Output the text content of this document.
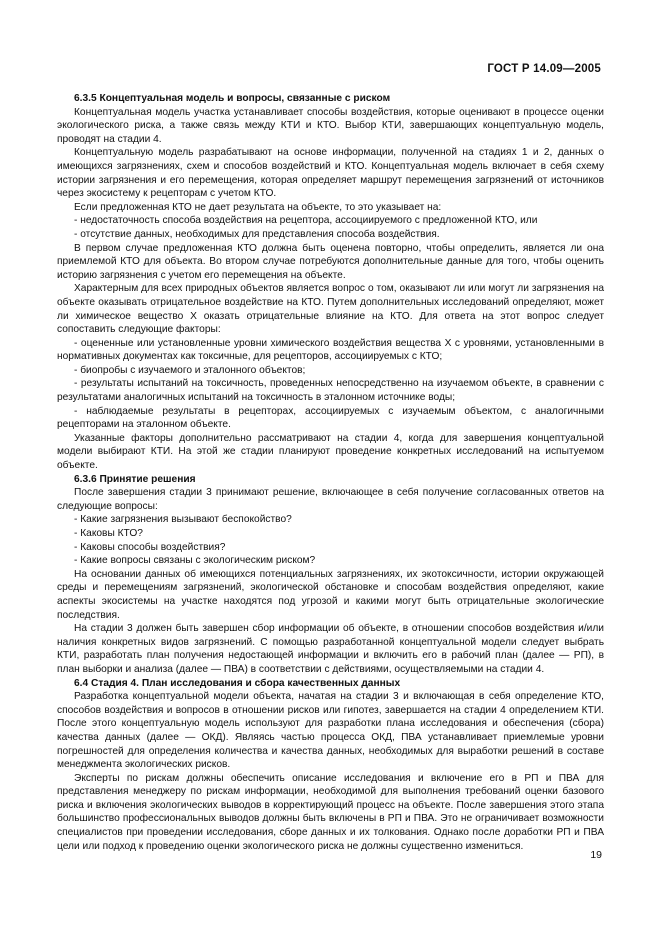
ГОСТ Р 14.09—2005

6.3.5 Концептуальная модель и вопросы, связанные с риском

Концептуальная модель участка устанавливает способы воздействия, которые оценивают в процессе оценки экологического риска, а также связь между КТИ и КТО. Выбор КТИ, завершающих концептуальную модель, проводят на стадии 4.

Концептуальную модель разрабатывают на основе информации, полученной на стадиях 1 и 2, данных о имеющихся загрязнениях, схем и способов воздействий и КТО. Концептуальная модель включает в себя схему истории загрязнения и его перемещения, которая определяет маршрут перемещения загрязнений от источников через экосистему к рецепторам с учетом КТО.

Если предложенная КТО не дает результата на объекте, то это указывает на:

- недостаточность способа воздействия на рецептора, ассоциируемого с предложенной КТО, или

- отсутствие данных, необходимых для представления способа воздействия.

В первом случае предложенная КТО должна быть оценена повторно, чтобы определить, является ли она приемлемой КТО для объекта. Во втором случае потребуются дополнительные данные для того, чтобы оценить историю загрязнения с учетом его перемещения на объекте.

Характерным для всех природных объектов является вопрос о том, оказывают ли или могут ли загрязнения на объекте оказывать отрицательное воздействие на КТО. Путем дополнительных исследований определяют, может ли химическое вещество Х оказать отрицательные влияние на КТО. Для ответа на этот вопрос следует сопоставить следующие факторы:

- оцененные или установленные уровни химического воздействия вещества Х с уровнями, установленными в нормативных документах как токсичные, для рецепторов, ассоциируемых с КТО;

- биопробы с изучаемого и эталонного объектов;

- результаты испытаний на токсичность, проведенных непосредственно на изучаемом объекте, в сравнении с результатами аналогичных испытаний на токсичность в эталонном источнике воды;

- наблюдаемые результаты в рецепторах, ассоциируемых с изучаемым объектом, с аналогичными рецепторами на эталонном объекте.

Указанные факторы дополнительно рассматривают на стадии 4, когда для завершения концептуальной модели выбирают КТИ. На этой же стадии планируют проведение конкретных исследований на испытуемом объекте.

6.3.6 Принятие решения

После завершения стадии 3 принимают решение, включающее в себя получение согласованных ответов на следующие вопросы:

- Какие загрязнения вызывают беспокойство?

- Каковы КТО?

- Каковы способы воздействия?

- Какие вопросы связаны с экологическим риском?

На основании данных об имеющихся потенциальных загрязнениях, их экотоксичности, истории окружающей среды и перемещениям загрязнений, экологической обстановке и способам воздействия определяют, какие аспекты экосистемы на участке находятся под угрозой и какими могут быть отрицательные экологические последствия.

На стадии 3 должен быть завершен сбор информации об объекте, в отношении способов воздействия и/или наличия конкретных видов загрязнений. С помощью разработанной концептуальной модели следует выбрать КТИ, разработать план получения недостающей информации и включить его в рабочий план (далее — РП), в план выборки и анализа (далее — ПВА) в соответствии с действиями, осуществляемыми на стадии 4.

6.4 Стадия 4. План исследования и сбора качественных данных

Разработка концептуальной модели объекта, начатая на стадии 3 и включающая в себя определение КТО, способов воздействия и вопросов в отношении рисков или гипотез, завершается на стадии 4 определением КТИ. После этого концептуальную модель используют для разработки плана исследования и обеспечения (сбора) качества данных (далее — ОКД). Являясь частью процесса ОКД, ПВА устанавливает приемлемые уровни погрешностей для определения количества и качества данных, необходимых для выработки решений в составе менеджмента экологических рисков.

Эксперты по рискам должны обеспечить описание исследования и включение его в РП и ПВА для представления менеджеру по рискам информации, необходимой для выполнения требований оценки базового риска и включения экологических выводов в корректирующий процесс на объекте. После завершения этого этапа большинство профессиональных выводов должны быть включены в РП и ПВА. Это не ограничивает возможности специалистов при проведении исследования, сборе данных и их толкования. Однако после доработки РП и ПВА цели или подход к проведению оценки экологического риска не должны существенно измениться.

19
